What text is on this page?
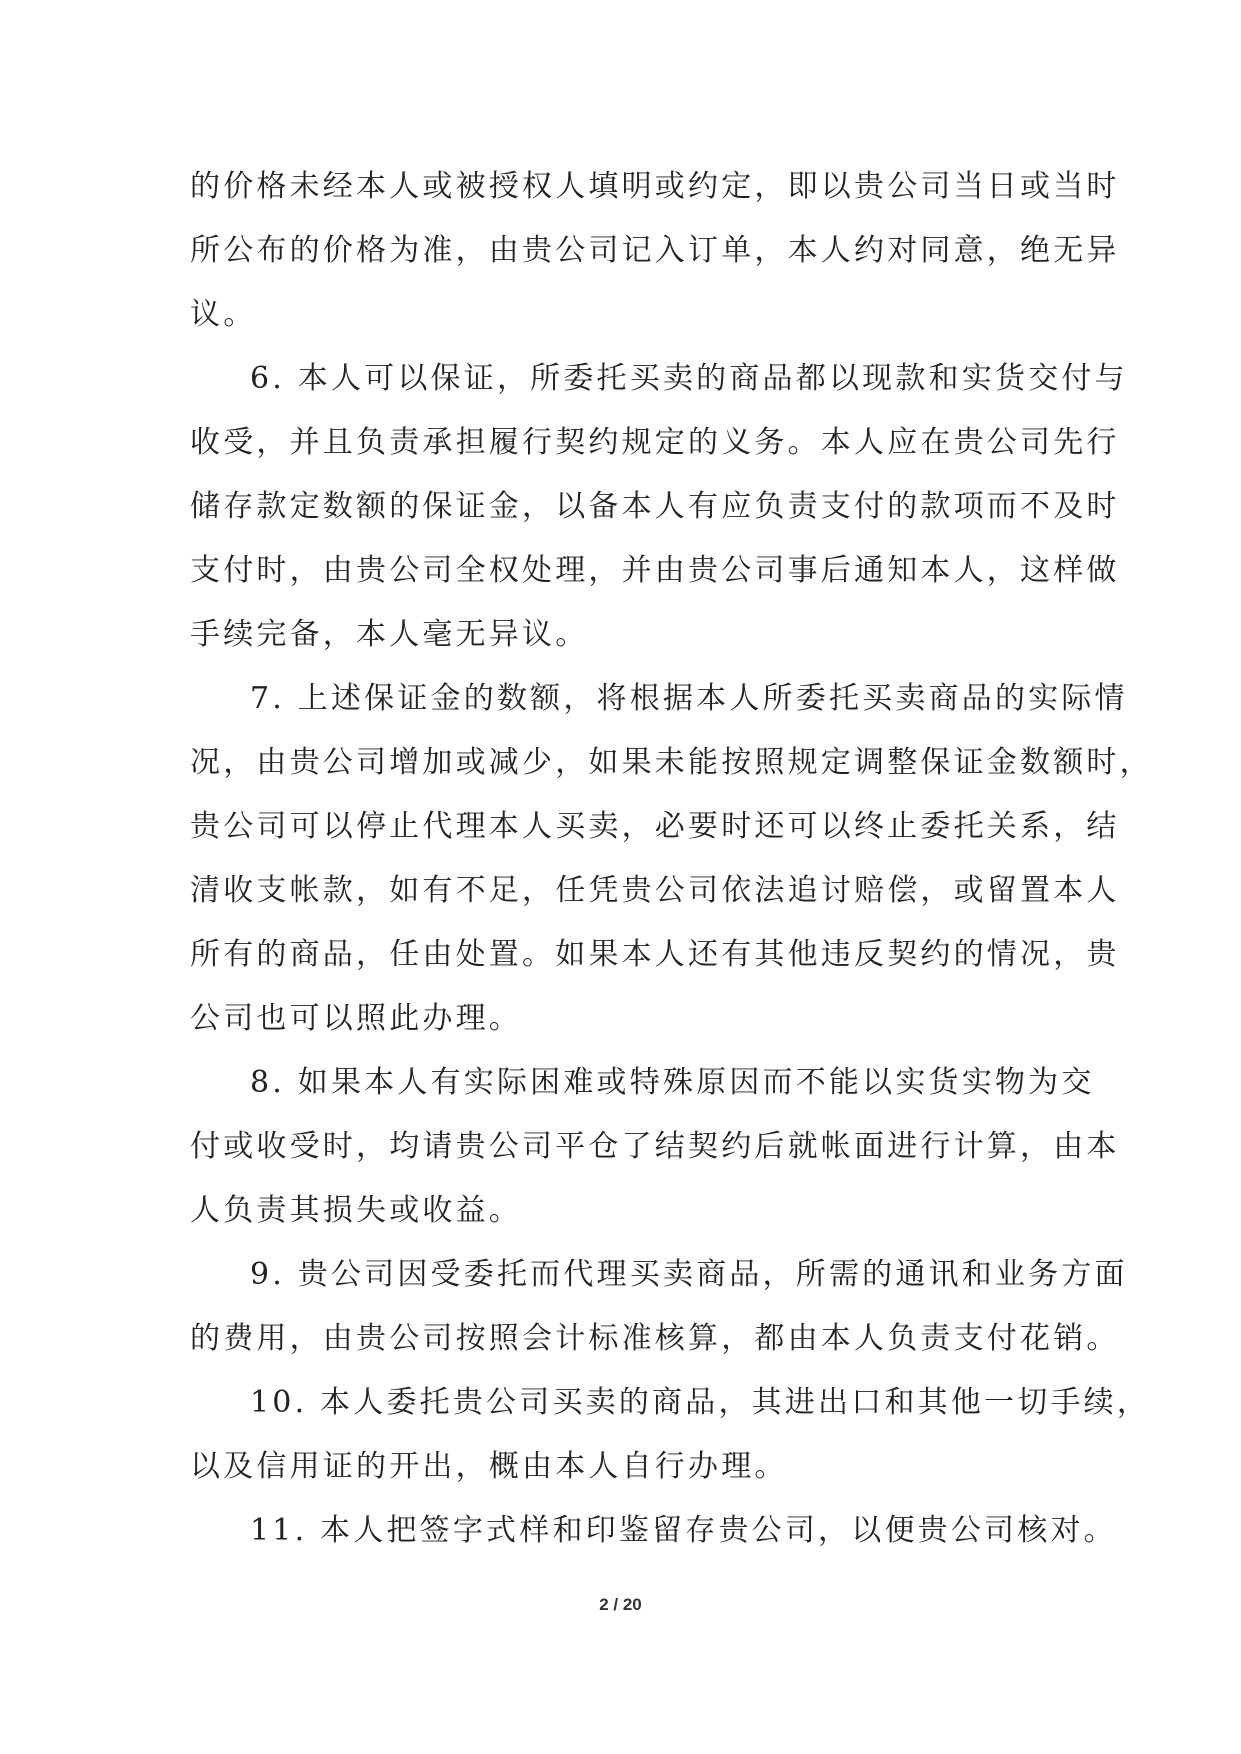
的价格未经本人或被授权人填明或约定，即以贵公司当日或当时
所公布的价格为准，由贵公司记入订单，本人约对同意，绝无异
议。
6. 本人可以保证，所委托买卖的商品都以现款和实货交付与
收受，并且负责承担履行契约规定的义务。本人应在贵公司先行
储存款定数额的保证金，以备本人有应负责支付的款项而不及时
支付时，由贵公司全权处理，并由贵公司事后通知本人，这样做
手续完备，本人毫无异议。
7. 上述保证金的数额，将根据本人所委托买卖商品的实际情
况，由贵公司增加或减少，如果未能按照规定调整保证金数额时，
贵公司可以停止代理本人买卖，必要时还可以终止委托关系，结
清收支帐款，如有不足，任凭贵公司依法追讨赔偿，或留置本人
所有的商品，任由处置。如果本人还有其他违反契约的情况，贵
公司也可以照此办理。
8. 如果本人有实际困难或特殊原因而不能以实货实物为交
付或收受时，均请贵公司平仓了结契约后就帐面进行计算，由本
人负责其损失或收益。
9. 贵公司因受委托而代理买卖商品，所需的通讯和业务方面
的费用，由贵公司按照会计标准核算，都由本人负责支付花销。
10. 本人委托贵公司买卖的商品，其进出口和其他一切手续，
以及信用证的开出，概由本人自行办理。
11. 本人把签字式样和印鉴留存贵公司，以便贵公司核对。
2 / 20
